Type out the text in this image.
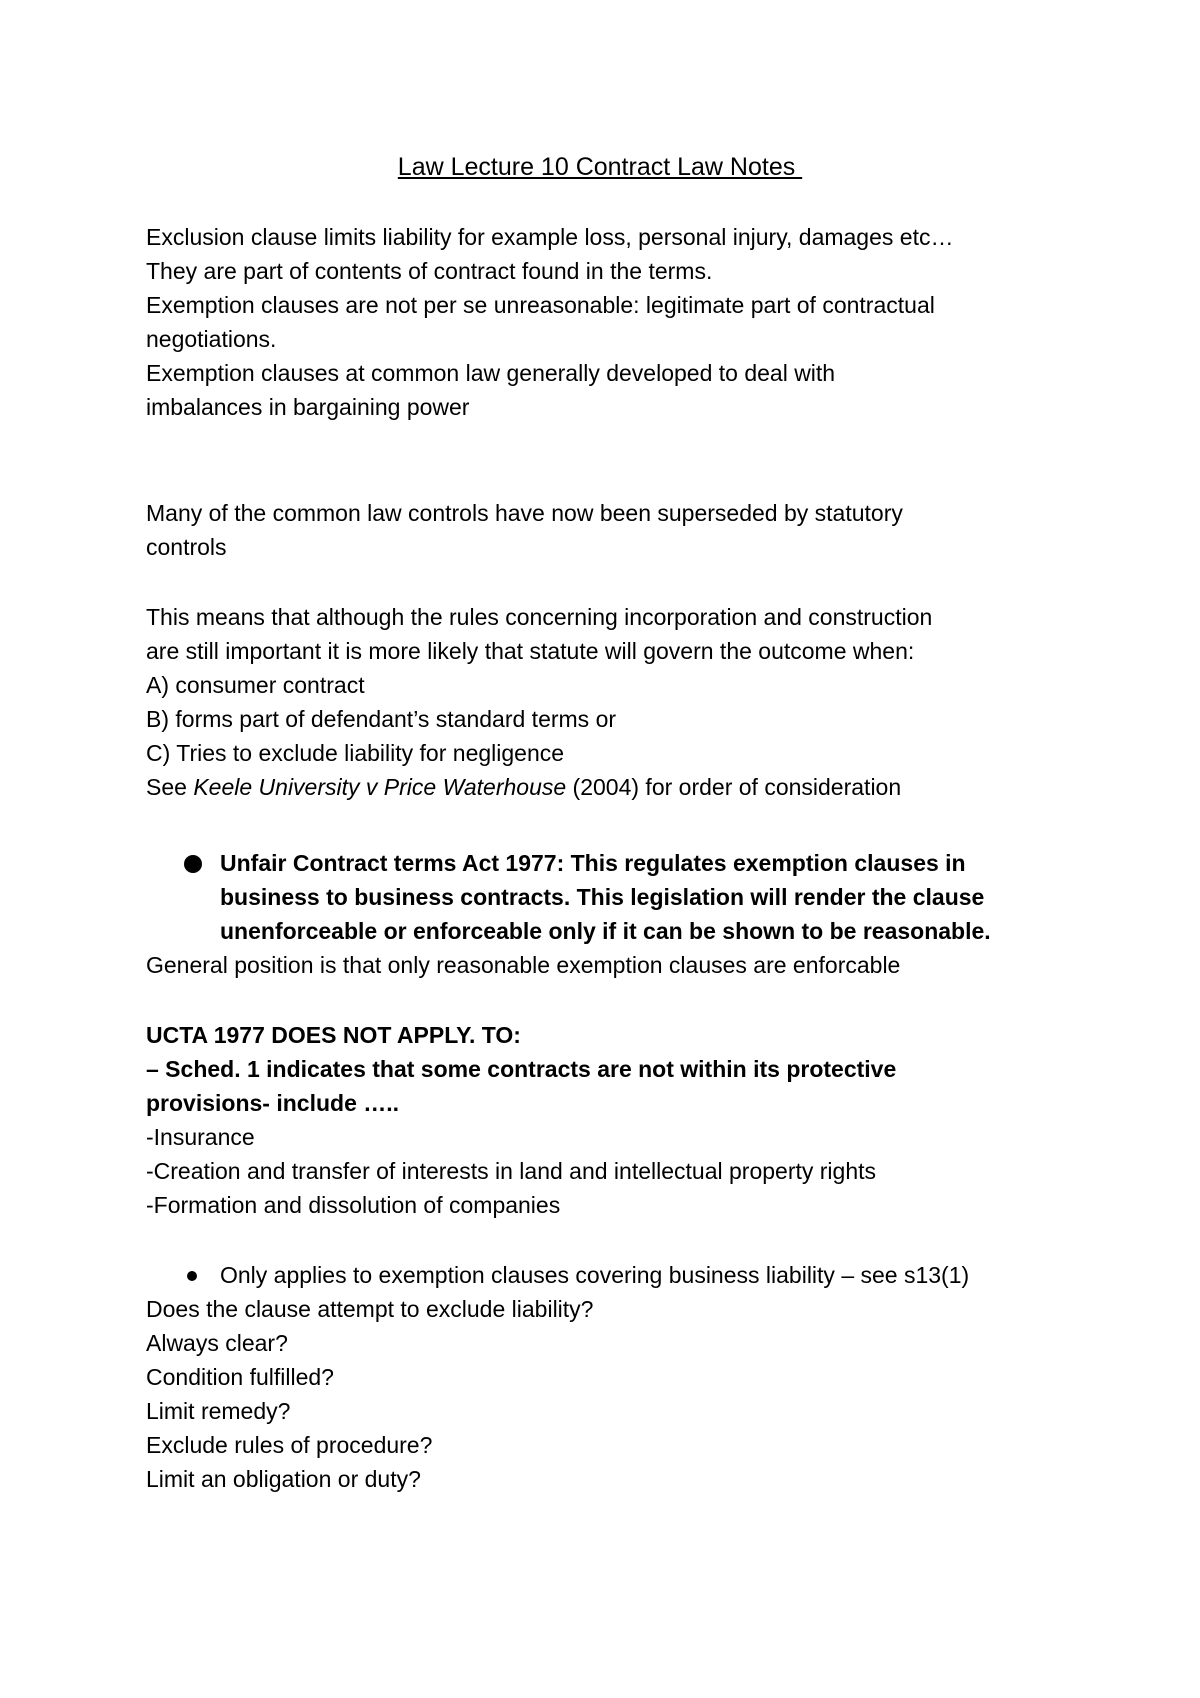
Law Lecture 10 Contract Law Notes
Exclusion clause limits liability for example loss, personal injury, damages etc…
They are part of contents of contract found in the terms.
Exemption clauses are not per se unreasonable: legitimate part of contractual
negotiations.
Exemption clauses at common law generally developed to deal with
imbalances in bargaining power
Many of the common law controls have now been superseded by statutory
controls
This means that although the rules concerning incorporation and construction
are still important it is more likely that statute will govern the outcome when:
A) consumer contract
B) forms part of defendant’s standard terms or
C) Tries to exclude liability for negligence
See Keele University v Price Waterhouse (2004) for order of consideration
Unfair Contract terms Act 1977: This regulates exemption clauses in
business to business contracts. This legislation will render the clause
unenforceable or enforceable only if it can be shown to be reasonable.
General position is that only reasonable exemption clauses are enforcable
UCTA 1977 DOES NOT APPLY. TO:
– Sched. 1 indicates that some contracts are not within its protective
provisions- include …..
-Insurance
-Creation and transfer of interests in land and intellectual property rights
-Formation and dissolution of companies
Only applies to exemption clauses covering business liability – see s13(1)
Does the clause attempt to exclude liability?
Always clear?
Condition fulfilled?
Limit remedy?
Exclude rules of procedure?
Limit an obligation or duty?
